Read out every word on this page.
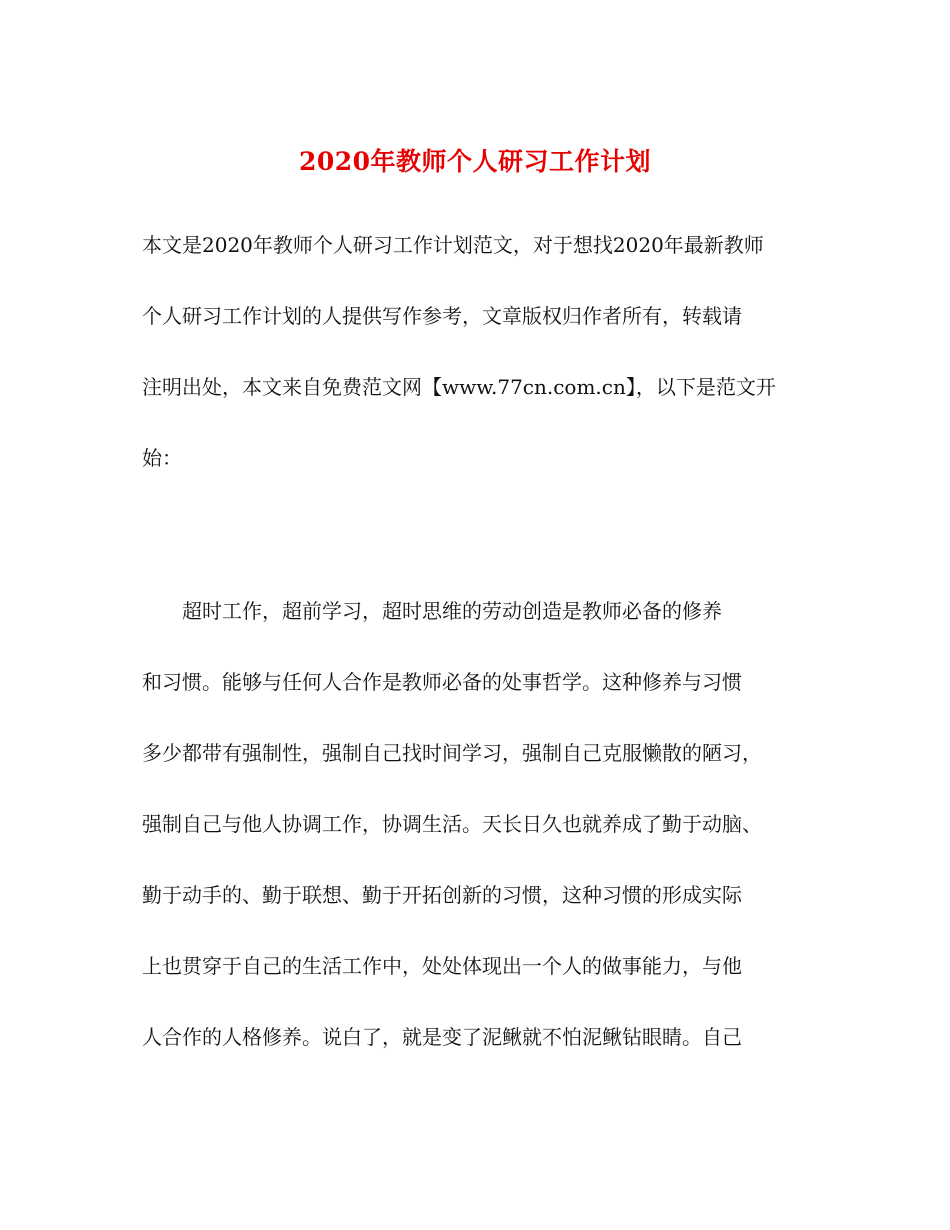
2020年教师个人研习工作计划
本文是2020年教师个人研习工作计划范文，对于想找2020年最新教师
个人研习工作计划的人提供写作参考，文章版权归作者所有，转载请
注明出处，本文来自免费范文网【www.77cn.com.cn】，以下是范文开
始：
　　超时工作，超前学习，超时思维的劳动创造是教师必备的修养
和习惯。能够与任何人合作是教师必备的处事哲学。这种修养与习惯
多少都带有强制性，强制自己找时间学习，强制自己克服懒散的陋习，
强制自己与他人协调工作，协调生活。天长日久也就养成了勤于动脑、
勤于动手的、勤于联想、勤于开拓创新的习惯，这种习惯的形成实际
上也贯穿于自己的生活工作中，处处体现出一个人的做事能力，与他
人合作的人格修养。说白了，就是变了泥鳅就不怕泥鳅钻眼睛。自己
